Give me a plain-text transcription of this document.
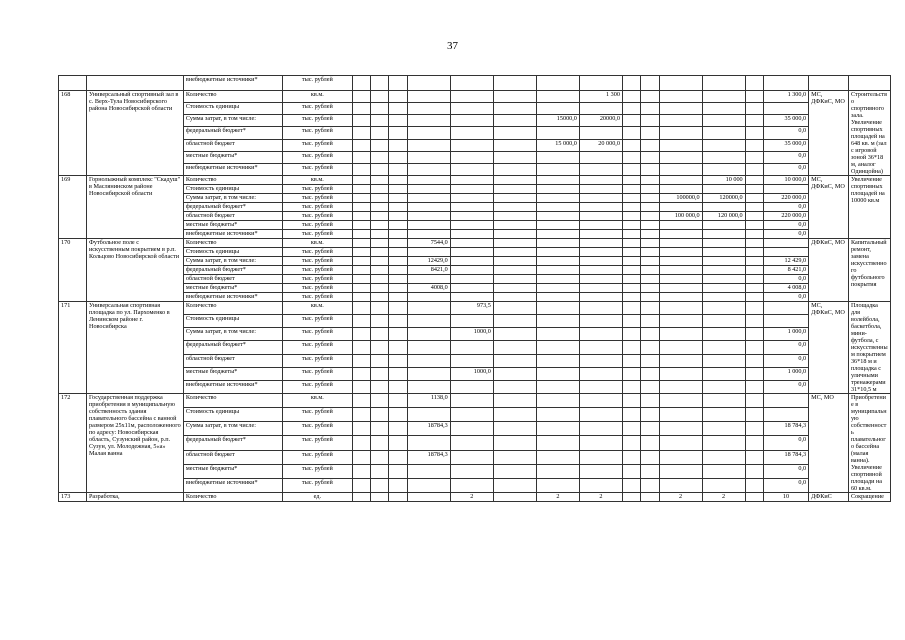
37
		внебюджетные источники*	тыс. рублей																
168	Универсальный спортивный зал в с. Верх-Тула Новосибирского района Новосибирской области	Количество	кв.м.								1 300						1 300,0	МС, ДФКиС, МО	Строительство спортивного зала. Увеличение спортивных площадей на 648 кв. м (зал с игровой зоной 36*18 м, аналог Одинцойна)
		Стоимость единицы	тыс. рублей																
		Сумма затрат, в том числе:	тыс. рублей							15000,0	20000,0						35 000,0		
		федеральный бюджет*	тыс. рублей														0,0		
		областной бюджет	тыс. рублей							15 000,0	20 000,0						35 000,0		
		местные бюджеты*	тыс. рублей														0,0		
		внебюджетные источники*	тыс. рублей														0,0		
169	Горнолыжный комплекс "Скадуш" в Маслянинском районе Новосибирской области	Количество	кв.м.												10 000		10 000,0	МС, ДФКиС, МО	Увеличение спортивных площадей на 10000 кв.м
		Стоимость единицы	тыс. рублей																
		Сумма затрат, в том числе:	тыс. рублей											100000,0	120000,0		220 000,0		
		федеральный бюджет*	тыс. рублей														0,0		
		областной бюджет	тыс. рублей											100 000,0	120 000,0		220 000,0		
		местные бюджеты*	тыс. рублей														0,0		
		внебюджетные источники*	тыс. рублей														0,0		
170	Футбольное поле с искусственным покрытием в р.п. Кольцово Новосибирской области	Количество	кв.м.				7544,0											ДФКиС, МО	Капитальный ремонт, замена искусственного футбольного покрытия
		Стоимость единицы	тыс. рублей																
		Сумма затрат, в том числе:	тыс. рублей				12429,0										12 429,0		
		федеральный бюджет*	тыс. рублей				8421,0										8 421,0		
		областной бюджет	тыс. рублей														0,0		
		местные бюджеты*	тыс. рублей				4008,0										4 008,0		
		внебюджетные источники*	тыс. рублей														0,0		
171	Универсальная спортивная площадка по ул. Пархоменко в Ленинском районе г. Новосибирска	Количество	кв.м.					973,5										МС, ДФКиС, МО	Площадка для волейбола, баскетбола, мини-футбола, с искусственным покрытием 36*18 м и площадка с уличными тренажерами 31*10,5 м
		Стоимость единицы	тыс. рублей																
		Сумма затрат, в том числе:	тыс. рублей					1000,0									1 000,0		
		федеральный бюджет*	тыс. рублей														0,0		
		областной бюджет	тыс. рублей														0,0		
		местные бюджеты*	тыс. рублей					1000,0									1 000,0		
		внебюджетные источники*	тыс. рублей														0,0		
172	Государственная поддержка приобретения в муниципальную собственность здания плавательного бассейна с ванной размером 25х11м, расположенного по адресу: Новосибирская область, Сузунский район, р.п. Сузун, ул. Молодежная, 5«а» Малая ванна	Количество	кв.м.				1138,0											МС, МО	Приобретение в муниципальную собственность плавательного бассейна (малая ванна). Увеличение спортивной площади на 60 кв.м.
		Стоимость единицы	тыс. рублей																
		Сумма затрат, в том числе:	тыс. рублей				18784,3										18 784,3		
		федеральный бюджет*	тыс. рублей														0,0		
		областной бюджет	тыс. рублей				18784,3										18 784,3		
		местные бюджеты*	тыс. рублей														0,0		
		внебюджетные источники*	тыс. рублей														0,0		
173	Разработка,	Количество	ед.					2		2	2			2	2		10	ДФКиС	Сокращение
